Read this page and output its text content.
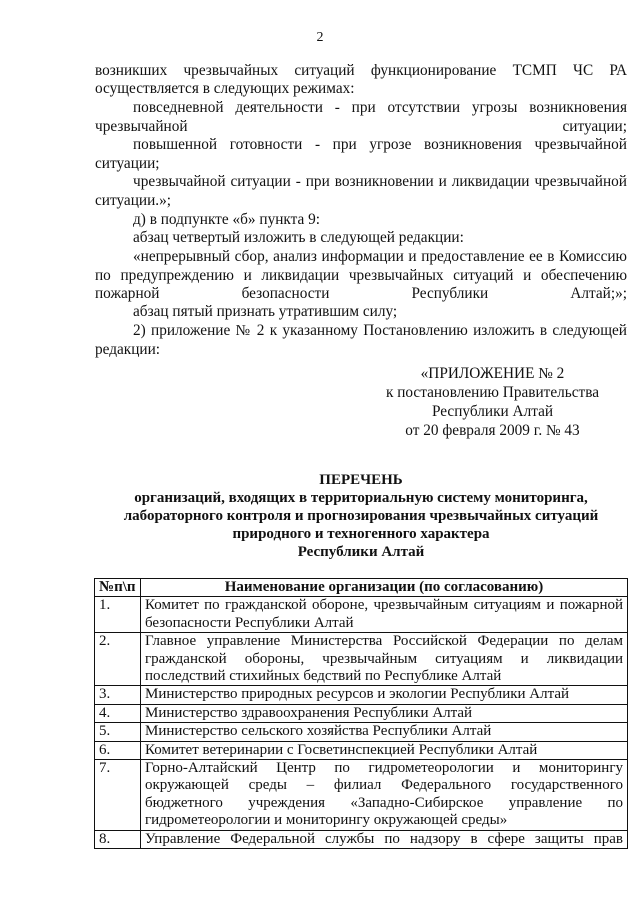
2
возникших чрезвычайных ситуаций функционирование ТСМП ЧС РА
осуществляется в следующих режимах:
повседневной деятельности - при отсутствии угрозы возникновения чрезвычайной ситуации;
повышенной готовности - при угрозе возникновения чрезвычайной ситуации;
чрезвычайной ситуации - при возникновении и ликвидации чрезвычайной ситуации.»;
д) в подпункте «б» пункта 9:
абзац четвертый изложить в следующей редакции:
«непрерывный сбор, анализ информации и предоставление ее в Комиссию по предупреждению и ликвидации чрезвычайных ситуаций и обеспечению пожарной безопасности Республики Алтай;»;
абзац пятый признать утратившим силу;
2) приложение № 2 к указанному Постановлению изложить в следующей редакции:
«ПРИЛОЖЕНИЕ № 2
к постановлению Правительства
Республики Алтай
от 20 февраля 2009 г. № 43
ПЕРЕЧЕНЬ
организаций, входящих в территориальную систему мониторинга,
лабораторного контроля и прогнозирования чрезвычайных ситуаций
природного и техногенного характера
Республики Алтай
№п\п	Наименование организации (по согласованию)
1.	Комитет по гражданской обороне, чрезвычайным ситуациям и пожарной безопасности Республики Алтай
2.	Главное управление Министерства Российской Федерации по делам гражданской обороны, чрезвычайным ситуациям и ликвидации последствий стихийных бедствий по Республике Алтай
3.	Министерство природных ресурсов и экологии Республики Алтай
4.	Министерство здравоохранения Республики Алтай
5.	Министерство сельского хозяйства Республики Алтай
6.	Комитет ветеринарии с Госветинспекцией Республики Алтай
7.	Горно-Алтайский Центр по гидрометеорологии и мониторингу окружающей среды – филиал Федерального государственного бюджетного учреждения «Западно-Сибирское управление по гидрометеорологии и мониторингу окружающей среды»
8.	Управление Федеральной службы по надзору в сфере защиты прав
